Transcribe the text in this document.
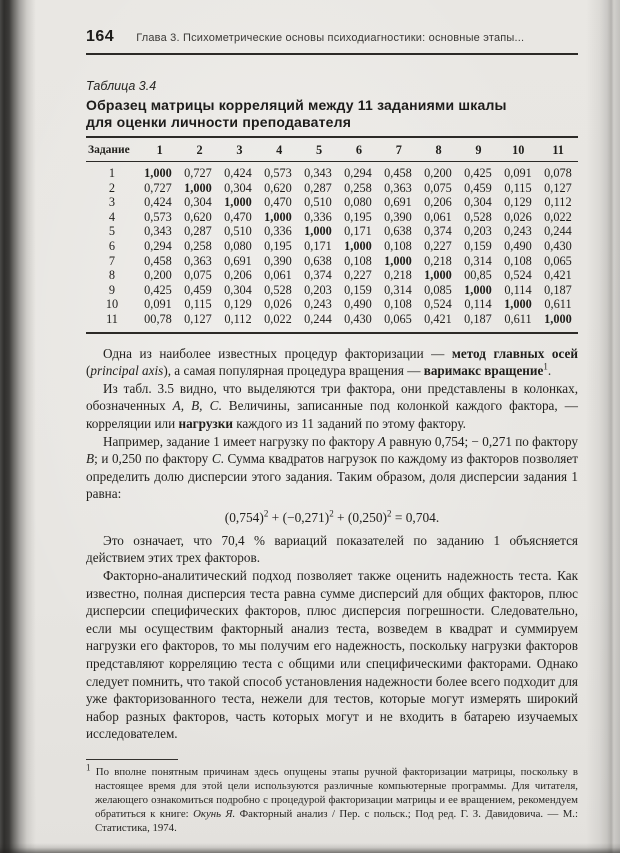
164 Глава 3. Психометрические основы психодиагностики: основные этапы...
Таблица 3.4
Образец матрицы корреляций между 11 заданиями шкалы
для оценки личности преподавателя
Задание	1	2	3	4	5	6	7	8	9	10	11
1	1,000	0,727	0,424	0,573	0,343	0,294	0,458	0,200	0,425	0,091	0,078
2	0,727	1,000	0,304	0,620	0,287	0,258	0,363	0,075	0,459	0,115	0,127
3	0,424	0,304	1,000	0,470	0,510	0,080	0,691	0,206	0,304	0,129	0,112
4	0,573	0,620	0,470	1,000	0,336	0,195	0,390	0,061	0,528	0,026	0,022
5	0,343	0,287	0,510	0,336	1,000	0,171	0,638	0,374	0,203	0,243	0,244
6	0,294	0,258	0,080	0,195	0,171	1,000	0,108	0,227	0,159	0,490	0,430
7	0,458	0,363	0,691	0,390	0,638	0,108	1,000	0,218	0,314	0,108	0,065
8	0,200	0,075	0,206	0,061	0,374	0,227	0,218	1,000	00,85	0,524	0,421
9	0,425	0,459	0,304	0,528	0,203	0,159	0,314	0,085	1,000	0,114	0,187
10	0,091	0,115	0,129	0,026	0,243	0,490	0,108	0,524	0,114	1,000	0,611
11	00,78	0,127	0,112	0,022	0,244	0,430	0,065	0,421	0,187	0,611	1,000

Одна из наиболее известных процедур факторизации — метод главных осей (principal axis), а самая популярная процедура вращения — варимакс вращение$^1$.

Из табл. 3.5 видно, что выделяются три фактора, они представлены в колонках, обозначенных А, В, С. Величины, записанные под колонкой каждого фактора, — корреляции или нагрузки каждого из 11 заданий по этому фактору.

Например, задание 1 имеет нагрузку по фактору А равную 0,754; − 0,271 по фактору В; и 0,250 по фактору С. Сумма квадратов нагрузок по каждому из факторов позволяет определить долю дисперсии этого задания. Таким образом, доля дисперсии задания 1 равна:

$(0,754)^2 + (-0,271)^2 + (0,250)^2 = 0,704$.

Это означает, что 70,4 % вариаций показателей по заданию 1 объясняется действием этих трех факторов.

Факторно-аналитический подход позволяет также оценить надежность теста. Как известно, полная дисперсия теста равна сумме дисперсий для общих факторов, плюс дисперсии специфических факторов, плюс дисперсия погрешности. Следовательно, если мы осуществим факторный анализ теста, возведем в квадрат и суммируем нагрузки его факторов, то мы получим его надежность, поскольку нагрузки факторов представляют корреляцию теста с общими или специфическими факторами. Однако следует помнить, что такой способ установления надежности более всего подходит для уже факторизованного теста, нежели для тестов, которые могут измерять широкий набор разных факторов, часть которых могут и не входить в батарею изучаемых исследователем.

$^1$ По вполне понятным причинам здесь опущены этапы ручной факторизации матрицы, поскольку в настоящее время для этой цели используются различные компьютерные программы. Для читателя, желающего ознакомиться подробно с процедурой факторизации матрицы и ее вращением, рекомендуем обратиться к книге: Окунь Я. Факторный анализ / Пер. с польск.; Под ред. Г. З. Давидовича. — М.: Статистика, 1974.
